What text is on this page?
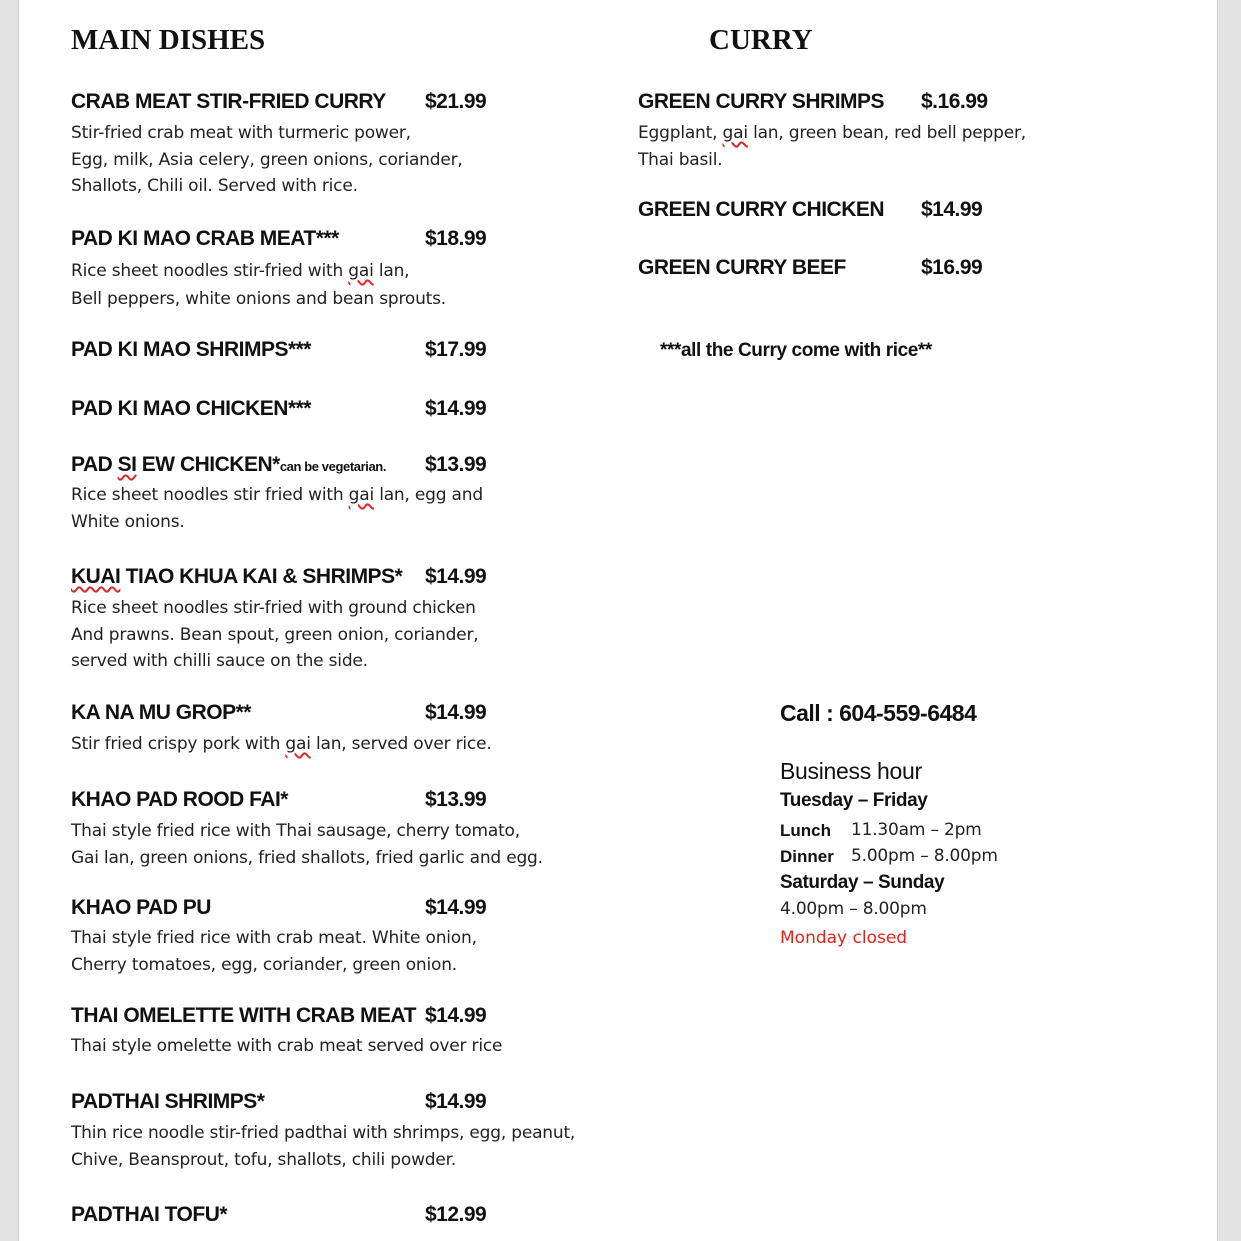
MAIN DISHES
CRAB MEAT STIR-FRIED CURRY $21.99
Stir-fried crab meat with turmeric power,
Egg, milk, Asia celery, green onions, coriander,
Shallots, Chili oil. Served with rice.
PAD KI MAO CRAB MEAT***	$18.99
Rice sheet noodles stir-fried with gai lan,
Bell peppers, white onions and bean sprouts.
PAD KI MAO SHRIMPS***	$17.99
PAD KI MAO CHICKEN***	$14.99
PAD SI EW CHICKEN*can be vegetarian. $13.99
Rice sheet noodles stir fried with gai lan, egg and
White onions.
KUAI TIAO KHUA KAI & SHRIMPS* $14.99
Rice sheet noodles stir-fried with ground chicken
And prawns. Bean spout, green onion, coriander,
served with chilli sauce on the side.
KA NA MU GROP**	$14.99
Stir fried crispy pork with gai lan, served over rice.
KHAO PAD ROOD FAI*	$13.99
Thai style fried rice with Thai sausage, cherry tomato,
Gai lan, green onions, fried shallots, fried garlic and egg.
KHAO PAD PU	$14.99
Thai style fried rice with crab meat. White onion,
Cherry tomatoes, egg, coriander, green onion.
THAI OMELETTE WITH CRAB MEAT $14.99
Thai style omelette with crab meat served over rice
PADTHAI SHRIMPS*	$14.99
Thin rice noodle stir-fried padthai with shrimps, egg, peanut,
Chive, Beansprout, tofu, shallots, chili powder.
PADTHAI TOFU*	$12.99
CURRY
GREEN CURRY SHRIMPS $.16.99
Eggplant, gai lan, green bean, red bell pepper,
Thai basil.
GREEN CURRY CHICKEN $14.99
GREEN CURRY BEEF	$16.99
***all the Curry come with rice**
Call : 604-559-6484
Business hour
Tuesday – Friday
Lunch 11.30am – 2pm
Dinner 5.00pm – 8.00pm
Saturday – Sunday
4.00pm – 8.00pm
Monday closed
